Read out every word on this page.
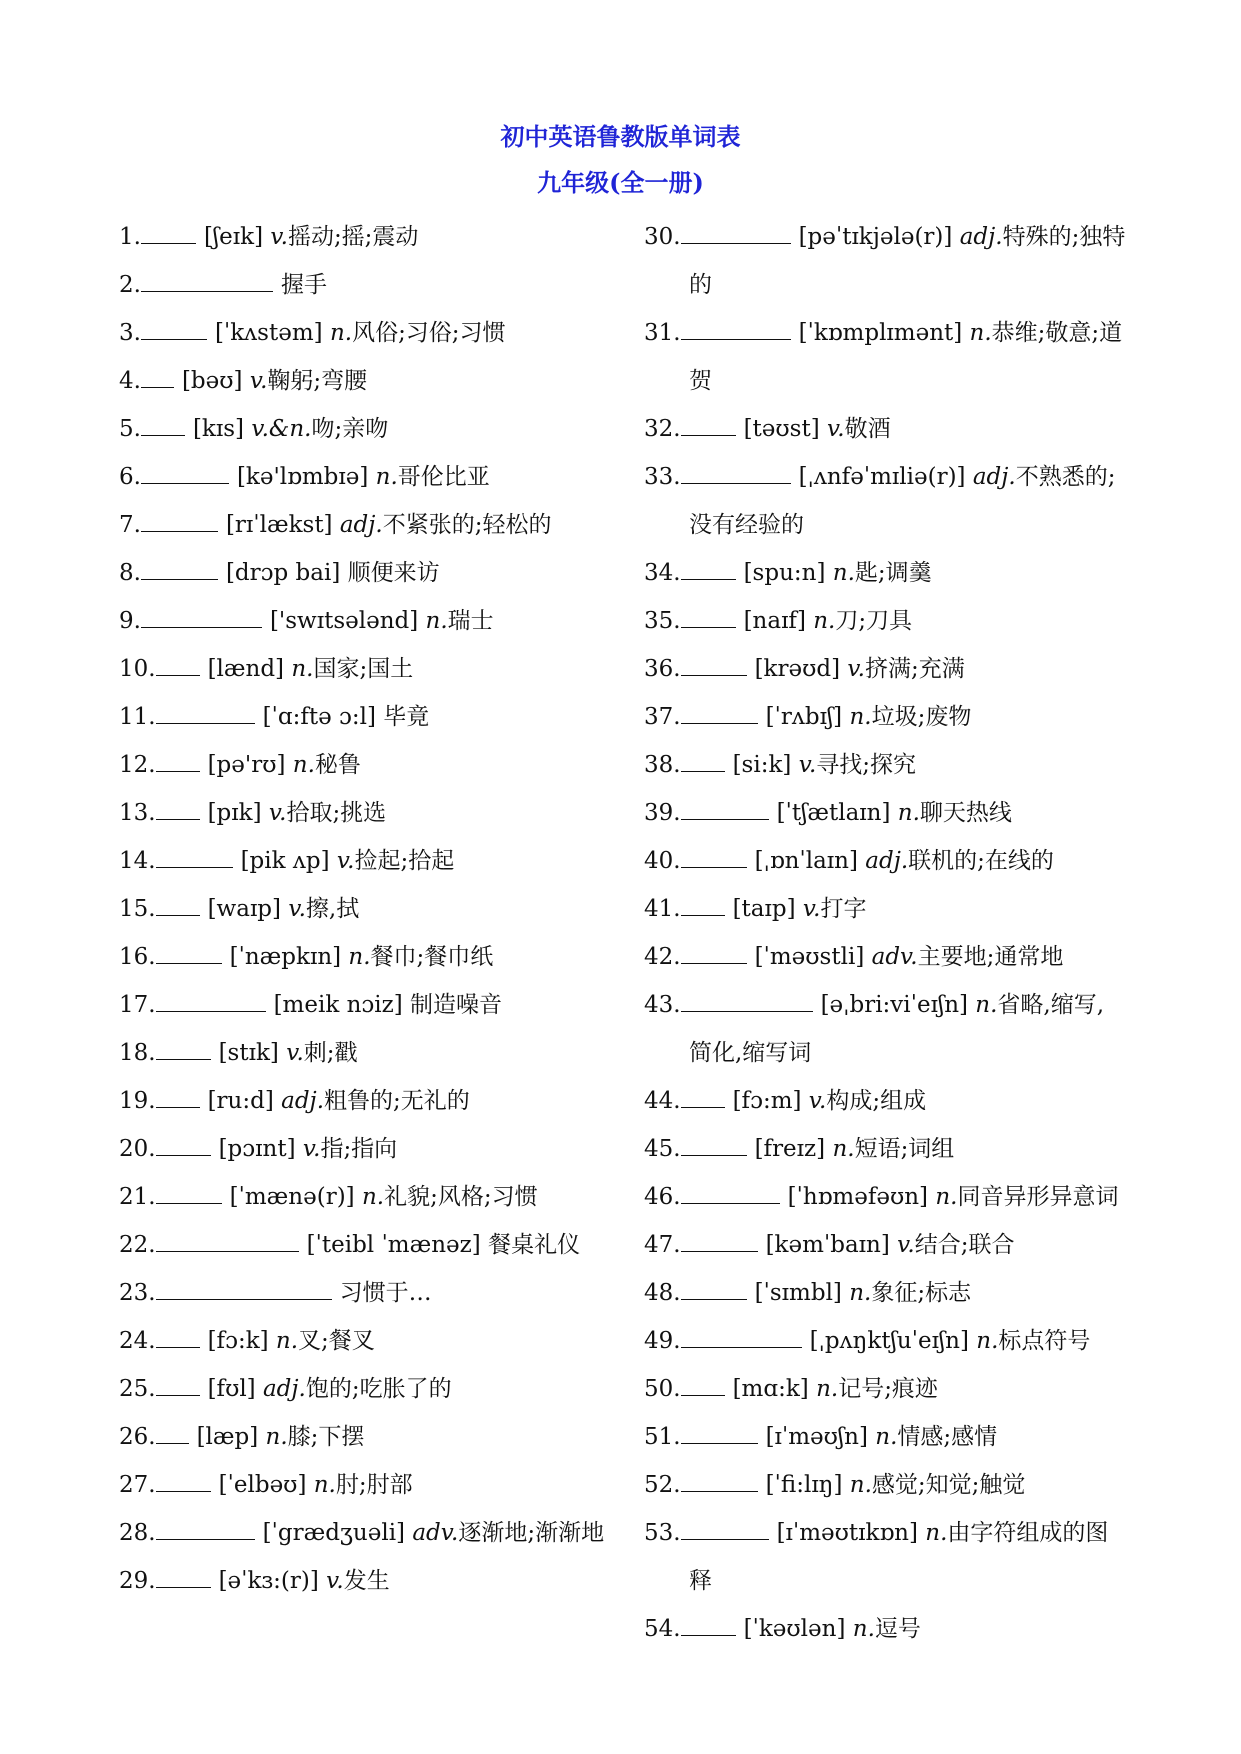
初中英语鲁教版单词表
九年级(全一册)
1.	[ʃeɪk] v.摇动;摇;震动
2.	握手
3.	[ˈkʌstəm] n.风俗;习俗;习惯
4. [bəʊ] v.鞠躬;弯腰
5. [kɪs] v.&n.吻;亲吻
6.	[kə'lɒmbɪə] n.哥伦比亚
7.	[rɪˈlækst] adj.不紧张的;轻松的
8.	[drɔp bai] 顺便来访
9.	['swɪtsələnd] n.瑞士
10. [lænd] n.国家;国土
11.	[ˈɑ:ftə ɔ:l] 毕竟
12. [pə'rʊ] n.秘鲁
13. [pɪk] v.拾取;挑选
14.	[pik ʌp] v.捡起;拾起
15. [waɪp] v.擦,拭
16.	[ˈnæpkɪn] n.餐巾;餐巾纸
17.	[meik nɔiz] 制造噪音
18.	[stɪk] v.刺;戳
19. [ru:d] adj.粗鲁的;无礼的
20.	[pɔɪnt] v.指;指向
21.	[ˈmænə(r)] n.礼貌;风格;习惯
22.	[ˈteibl ˈmænəz] 餐桌礼仪
23.	习惯于…
24. [fɔ:k] n.叉;餐叉
25. [fʊl] adj.饱的;吃胀了的
26. [læp] n.膝;下摆
27.	[ˈelbəʊ] n.肘;肘部
28.	[ˈgrædʒuəli] adv.逐渐地;渐渐地
29.	[əˈkɜ:(r)] v.发生
30.	[pəˈtɪkjələ(r)] adj.特殊的;独特
的
31.	[ˈkɒmplɪmənt] n.恭维;敬意;道
贺
32.	[təʊst] v.敬酒
33.	[ˌʌnfəˈmɪliə(r)] adj.不熟悉的;
没有经验的
34.	[spu:n] n.匙;调羹
35.	[naɪf] n.刀;刀具
36.	[krəʊd] v.挤满;充满
37.	[ˈrʌbɪʃ] n.垃圾;废物
38. [si:k] v.寻找;探究
39.	[ˈtʃætlaɪn] n.聊天热线
40.	[ˌɒnˈlaɪn] adj.联机的;在线的
41. [taɪp] v.打字
42.	[ˈməʊstli] adv.主要地;通常地
43.	[əˌbri:viˈeɪʃn] n.省略,缩写,
简化,缩写词
44. [fɔ:m] v.构成;组成
45.	[freɪz] n.短语;词组
46.	[ˈhɒməfəʊn] n.同音异形异意词
47.	[kəmˈbaɪn] v.结合;联合
48.	[ˈsɪmbl] n.象征;标志
49.	[ˌpʌŋktʃuˈeɪʃn] n.标点符号
50. [mɑ:k] n.记号;痕迹
51.	[ɪˈməʊʃn] n.情感;感情
52.	[ˈfi:lɪŋ] n.感觉;知觉;触觉
53.	[ɪˈməʊtɪkɒn] n.由字符组成的图
释
54.	[ˈkəʊlən] n.逗号
